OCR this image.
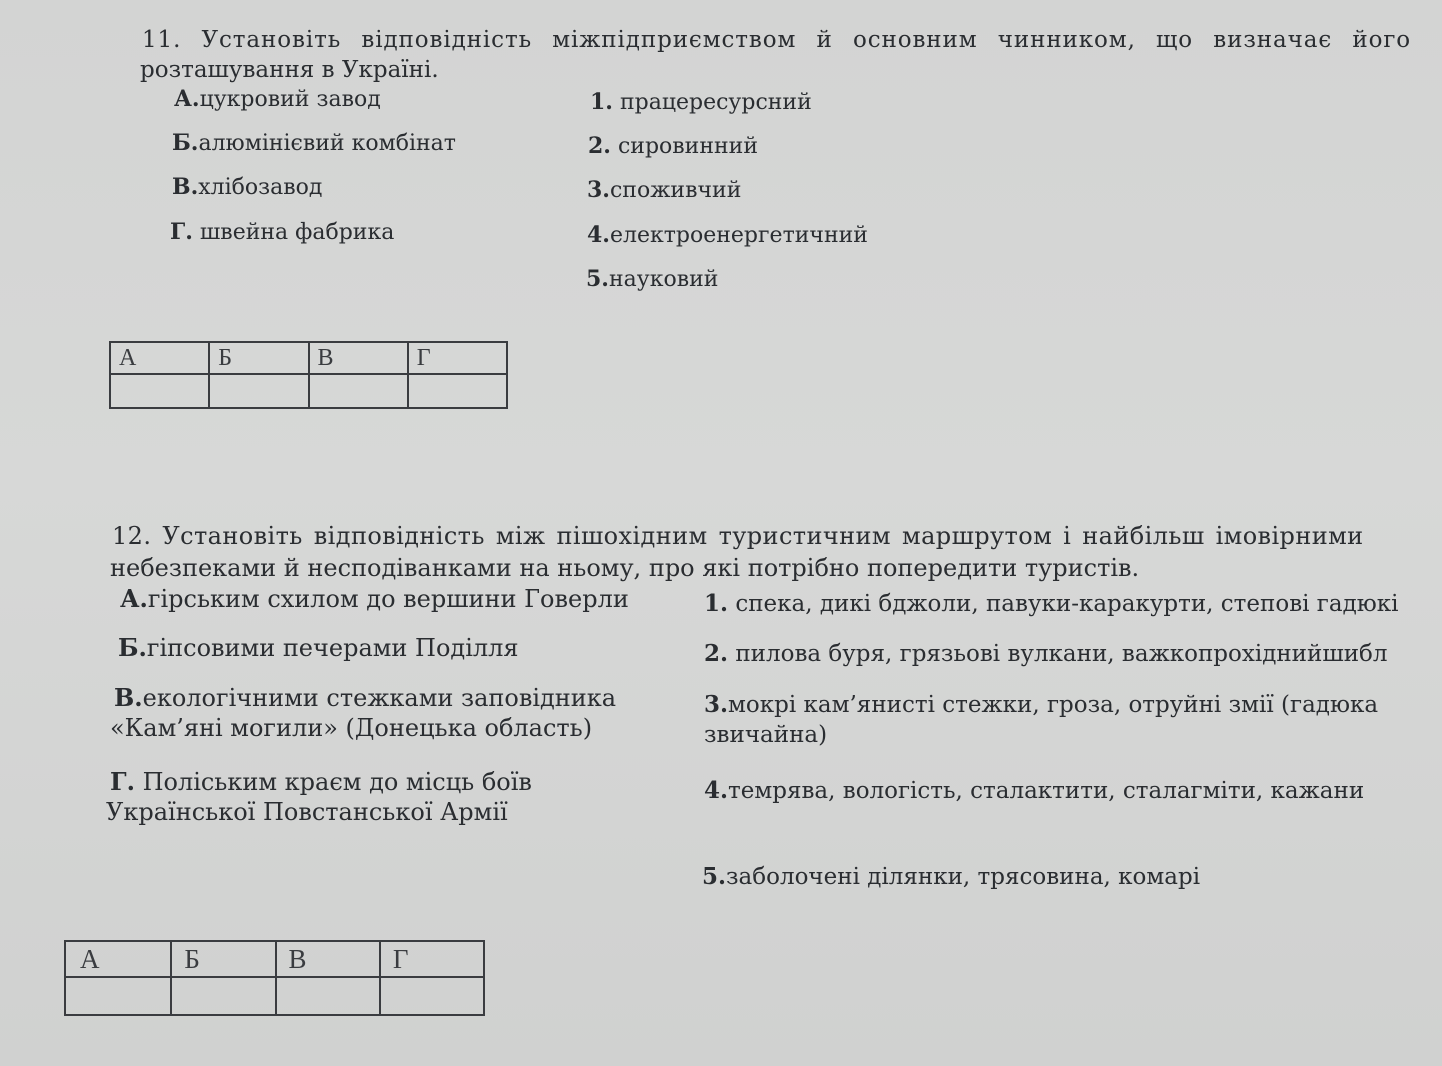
11. Установіть відповідність міжпідприємством й основним чинником, що визначає його
розташування в Україні.
А.цукровий завод
Б.алюмінієвий комбінат
В.хлібозавод
Г. швейна фабрика
1. працересурсний
2. сировинний
3.споживчий
4.електроенергетичний
5.науковий
А	Б	В	Г

12. Установіть відповідність між пішохідним туристичним маршрутом і найбільш імовірними
небезпеками й несподіванками на ньому, про які потрібно попередити туристів.
А.гірським схилом до вершини Говерли
Б.гіпсовими печерами Поділля
В.екологічними стежками заповідника
«Кам’яні могили» (Донецька область)
Г. Поліським краєм до місць боїв
Української Повстанської Армії
1. спека, дикі бджоли, павуки-каракурти, степові гадюкі
2. пилова буря, грязьові вулкани, важкопрохіднийшибл
3.мокрі кам’янисті стежки, гроза, отруйні змії (гадюка
звичайна)
4.темрява, вологість, сталактити, сталагміти, кажани
5.заболочені ділянки, трясовина, комарі
А	Б	В	Г
